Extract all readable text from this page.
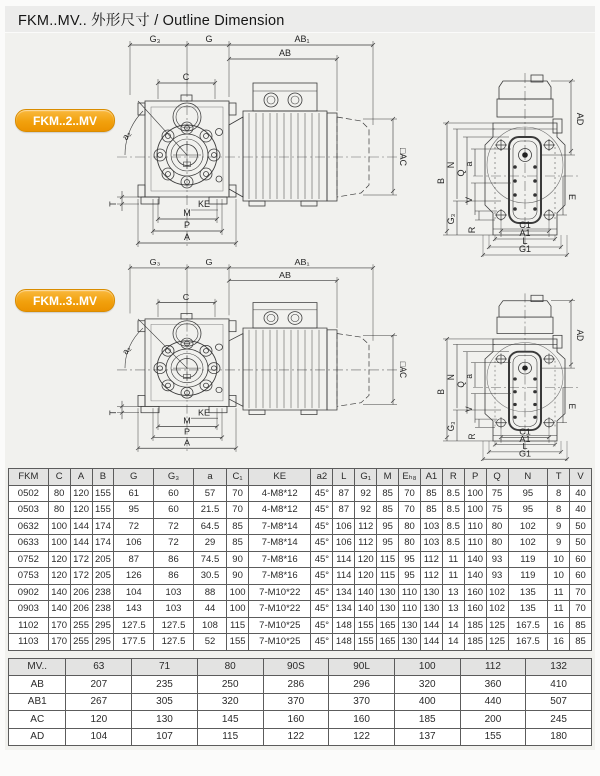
FKM..MV.. 外形尺寸 / Outline Dimension
FKM..2..MV
FKM..3..MV
G₃	G	AB₁
AB
C
a₂
T	KE
M
P
A
□AC
AD
E
B
N
Q
a
V
G₃
R	C1
A1
L
G1
G₃	G	AB₁
AB
C
a₂
T	KE
M
P
A
□AC
AD
E
B
N
Q
a
V
G₃
R	C1
A1
L
G1
FKM	C	A	B	G	G₃	a	C₁	KE	a2	L	G₁	M	Eₕ₈	A1	R	P	Q	N	T	V
0502	80	120	155	61	60	57	70	4-M8*12	45°	87	92	85	70	85	8.5	100	75	95	8	40
0503	80	120	155	95	60	21.5	70	4-M8*12	45°	87	92	85	70	85	8.5	100	75	95	8	40
0632	100	144	174	72	72	64.5	85	7-M8*14	45°	106	112	95	80	103	8.5	110	80	102	9	50
0633	100	144	174	106	72	29	85	7-M8*14	45°	106	112	95	80	103	8.5	110	80	102	9	50
0752	120	172	205	87	86	74.5	90	7-M8*16	45°	114	120	115	95	112	11	140	93	119	10	60
0753	120	172	205	126	86	30.5	90	7-M8*16	45°	114	120	115	95	112	11	140	93	119	10	60
0902	140	206	238	104	103	88	100	7-M10*22	45°	134	140	130	110	130	13	160	102	135	11	70
0903	140	206	238	143	103	44	100	7-M10*22	45°	134	140	130	110	130	13	160	102	135	11	70
1102	170	255	295	127.5	127.5	108	115	7-M10*25	45°	148	155	165	130	144	14	185	125	167.5	16	85
1103	170	255	295	177.5	127.5	52	155	7-M10*25	45°	148	155	165	130	144	14	185	125	167.5	16	85
MV..	63	71	80	90S	90L	100	112	132
AB	207	235	250	286	296	320	360	410
AB1	267	305	320	370	370	400	440	507
AC	120	130	145	160	160	185	200	245
AD	104	107	115	122	122	137	155	180
